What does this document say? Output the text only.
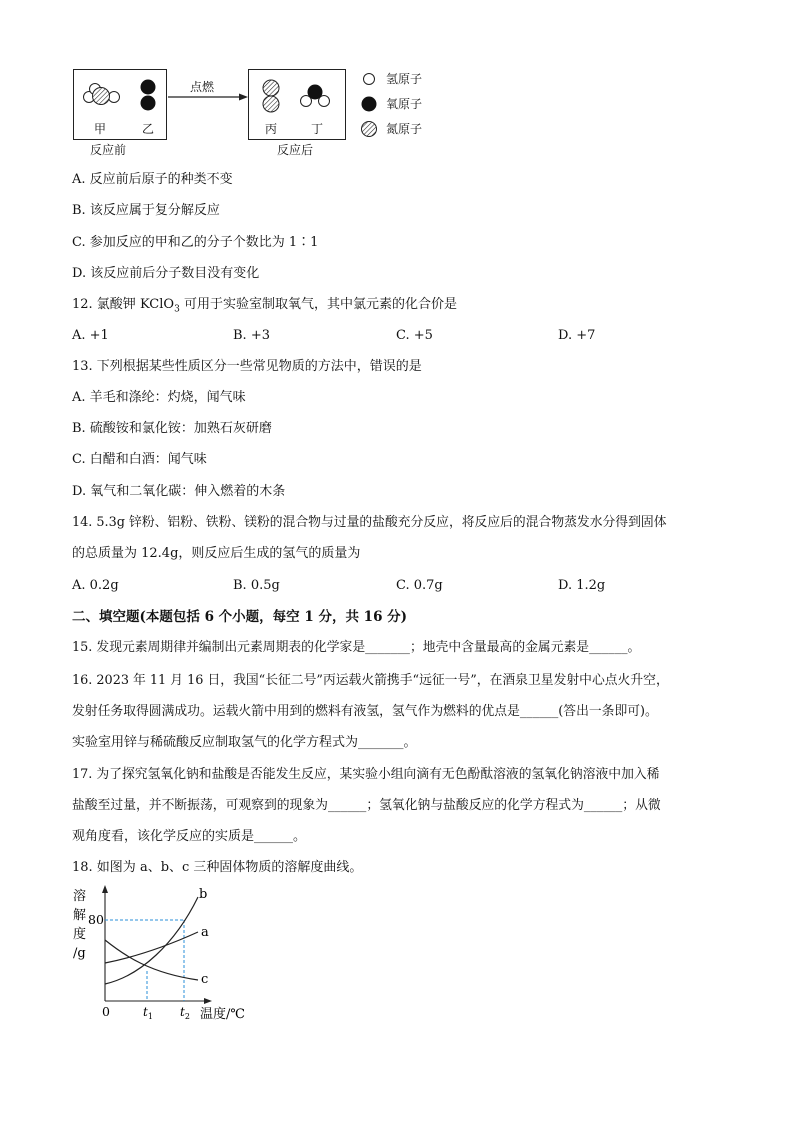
甲	乙
反应前
点燃
丙	丁
反应后
氢原子
氧原子
氮原子
A. 反应前后原子的种类不变
B. 该反应属于复分解反应
C. 参加反应的甲和乙的分子个数比为 1∶1
D. 该反应前后分子数目没有变化
12. 氯酸钾 KClO$_3$ 可用于实验室制取氧气，其中氯元素的化合价是
A. +1	B. +3	C. +5	D. +7
13. 下列根据某些性质区分一些常见物质的方法中，错误的是
A. 羊毛和涤纶：灼烧，闻气味
B. 硫酸铵和氯化铵：加熟石灰研磨
C. 白醋和白酒：闻气味
D. 氧气和二氧化碳：伸入燃着的木条
14. 5.3g 锌粉、铝粉、铁粉、镁粉的混合物与过量的盐酸充分反应，将反应后的混合物蒸发水分得到固体
的总质量为 12.4g，则反应后生成的氢气的质量为
A. 0.2g	B. 0.5g	C. 0.7g	D. 1.2g
二、填空题(本题包括 6 个小题，每空 1 分，共 16 分)
15. 发现元素周期律并编制出元素周期表的化学家是_______；地壳中含量最高的金属元素是______。
16. 2023 年 11 月 16 日，我国“长征二号”丙运载火箭携手“远征一号”，在酒泉卫星发射中心点火升空，
发射任务取得圆满成功。运载火箭中用到的燃料有液氢，氢气作为燃料的优点是______(答出一条即可)。
实验室用锌与稀硫酸反应制取氢气的化学方程式为_______。
17. 为了探究氢氧化钠和盐酸是否能发生反应，某实验小组向滴有无色酚酞溶液的氢氧化钠溶液中加入稀
盐酸至过量，并不断振荡，可观察到的现象为______；氢氧化钠与盐酸反应的化学方程式为______；从微
观角度看，该化学反应的实质是______。
18. 如图为 a、b、c 三种固体物质的溶解度曲线。
溶
解
度
/g
80
b
a
c
0	$t_1$ $t_2$ 温度/℃
